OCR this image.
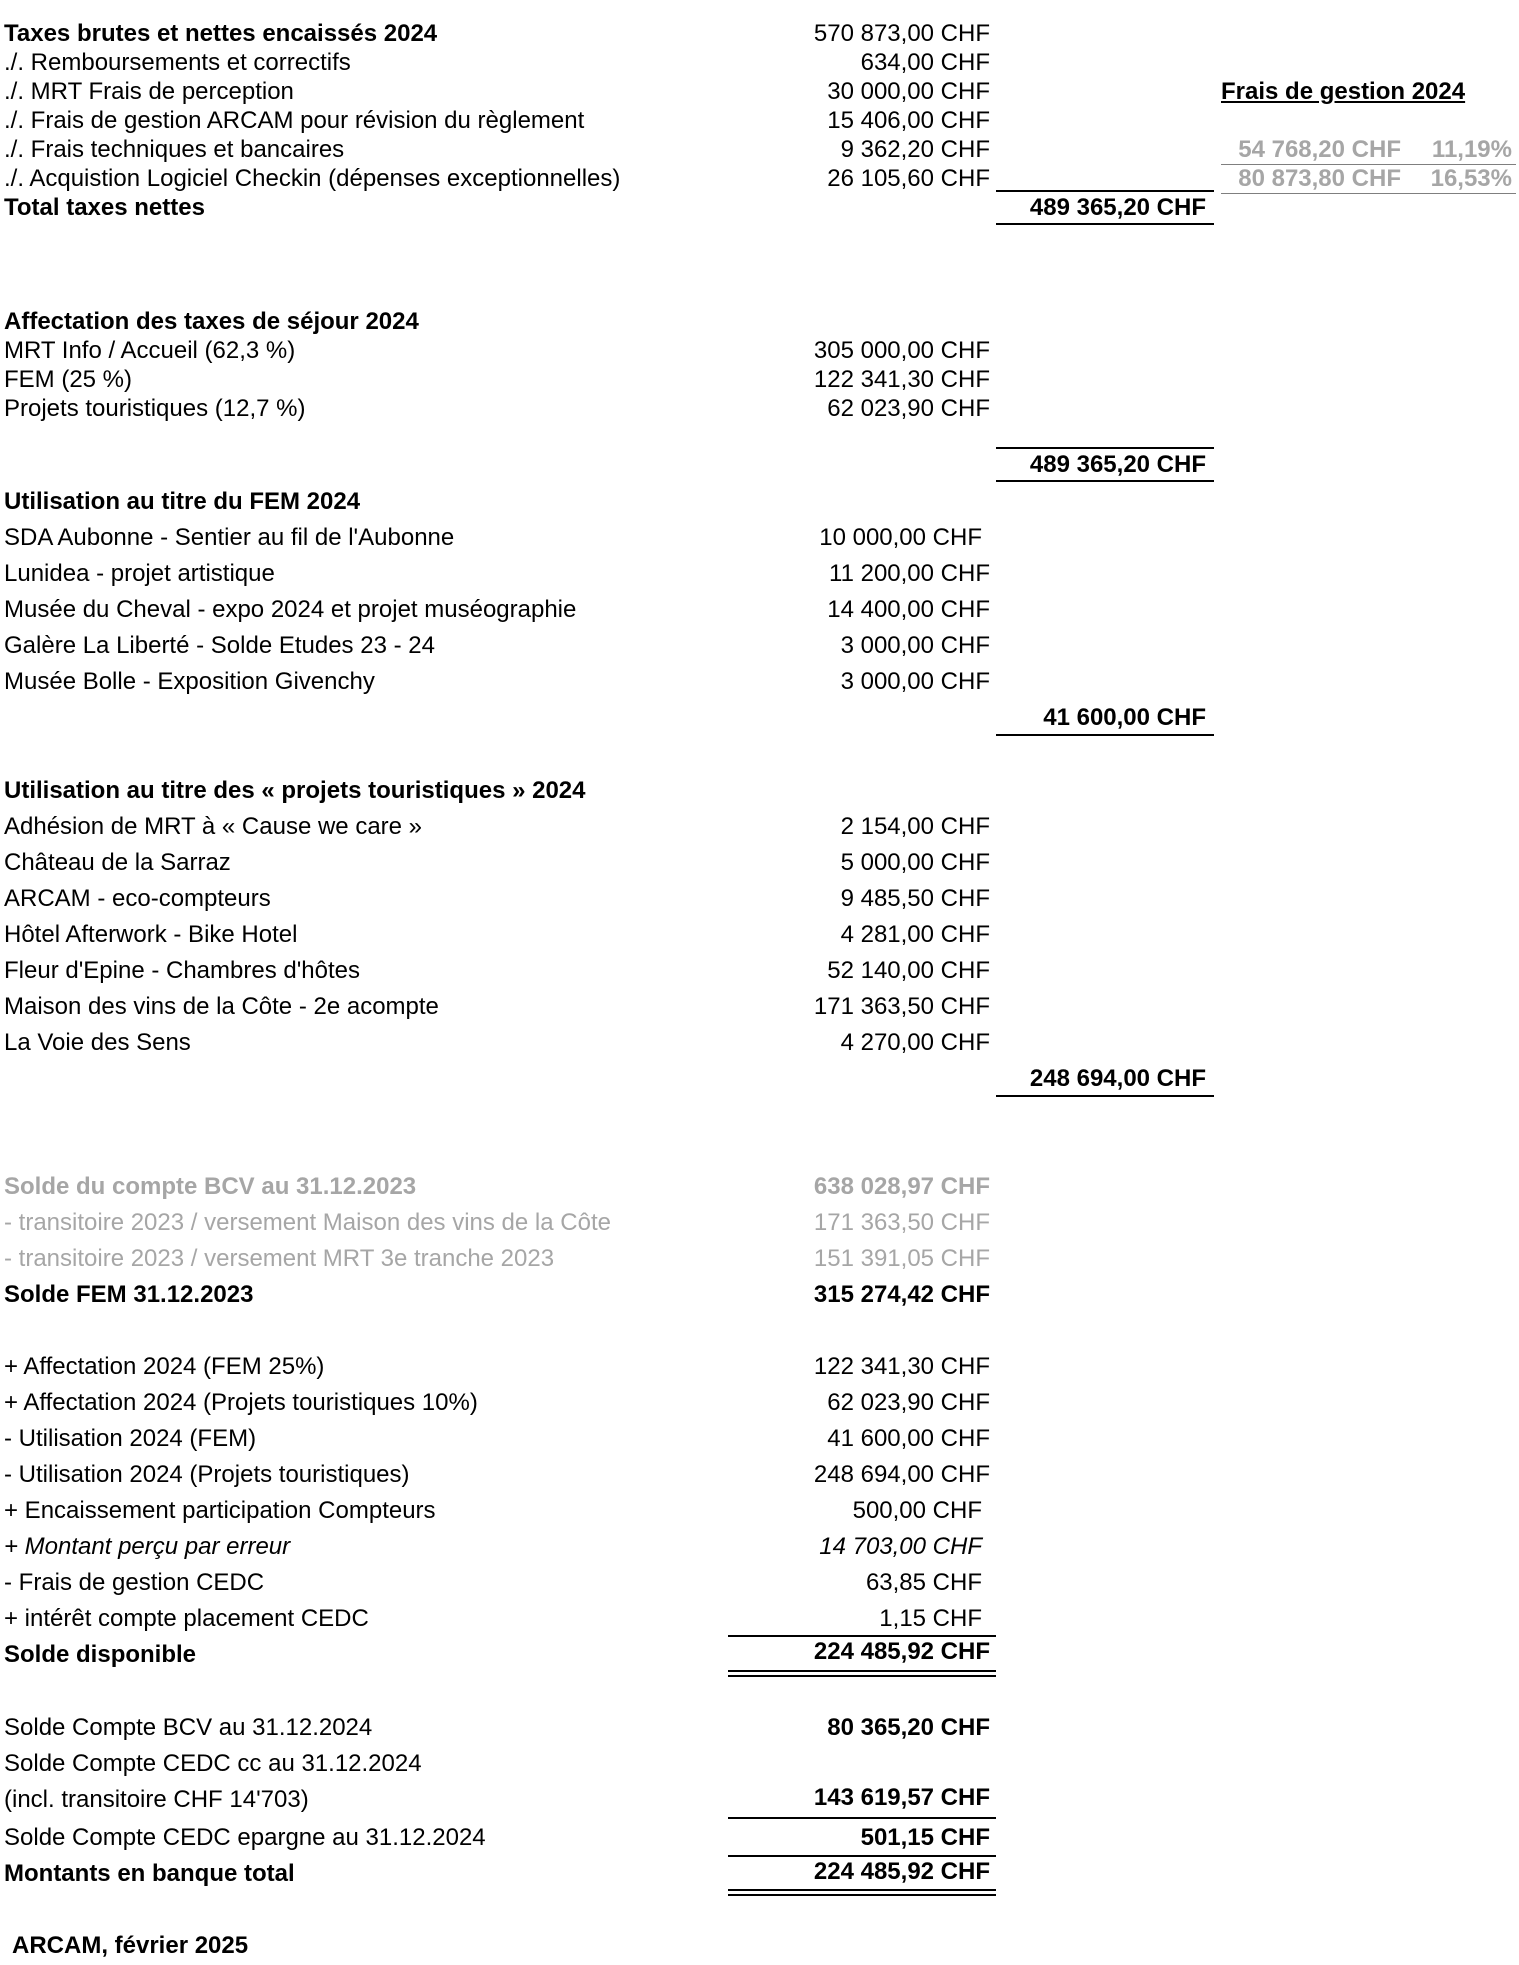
Taxes brutes et nettes encaissés 2024	570 873,00 CHF
./. Remboursements et correctifs	634,00 CHF
./. MRT Frais de perception	30 000,00 CHF
./. Frais de gestion ARCAM pour révision du règlement	15 406,00 CHF
./. Frais techniques et bancaires	9 362,20 CHF
./. Acquistion Logiciel Checkin (dépenses exceptionnelles)	26 105,60 CHF
Total taxes nettes	489 365,20 CHF
Frais de gestion 2024
54 768,20 CHF 11,19%
80 873,80 CHF 16,53%
Affectation des taxes de séjour 2024
MRT Info / Accueil (62,3 %)	305 000,00 CHF
FEM (25 %)	122 341,30 CHF
Projets touristiques (12,7 %)	62 023,90 CHF
489 365,20 CHF
Utilisation au titre du FEM 2024
SDA Aubonne - Sentier au fil de l'Aubonne	10 000,00 CHF
Lunidea - projet artistique	11 200,00 CHF
Musée du Cheval - expo 2024 et projet muséographie	14 400,00 CHF
Galère La Liberté - Solde Etudes 23 - 24	3 000,00 CHF
Musée Bolle - Exposition Givenchy	3 000,00 CHF
41 600,00 CHF
Utilisation au titre des « projets touristiques » 2024
Adhésion de MRT à « Cause we care »	2 154,00 CHF
Château de la Sarraz	5 000,00 CHF
ARCAM - eco-compteurs	9 485,50 CHF
Hôtel Afterwork - Bike Hotel	4 281,00 CHF
Fleur d'Epine - Chambres d'hôtes	52 140,00 CHF
Maison des vins de la Côte - 2e acompte	171 363,50 CHF
La Voie des Sens	4 270,00 CHF
248 694,00 CHF
Solde du compte BCV au 31.12.2023	638 028,97 CHF
- transitoire 2023 / versement Maison des vins de la Côte	171 363,50 CHF
- transitoire 2023 / versement MRT 3e tranche 2023	151 391,05 CHF
Solde FEM 31.12.2023	315 274,42 CHF
+ Affectation 2024 (FEM 25%)	122 341,30 CHF
+ Affectation 2024 (Projets touristiques 10%)	62 023,90 CHF
- Utilisation 2024 (FEM)	41 600,00 CHF
- Utilisation 2024 (Projets touristiques)	248 694,00 CHF
+ Encaissement participation Compteurs	500,00 CHF
+ Montant perçu par erreur	14 703,00 CHF
- Frais de gestion CEDC	63,85 CHF
+ intérêt compte placement CEDC	1,15 CHF
Solde disponible	224 485,92 CHF
Solde Compte BCV au 31.12.2024	80 365,20 CHF
Solde Compte CEDC cc au 31.12.2024
(incl. transitoire CHF 14'703)	143 619,57 CHF
Solde Compte CEDC epargne au 31.12.2024	501,15 CHF
Montants en banque total	224 485,92 CHF
ARCAM, février 2025
